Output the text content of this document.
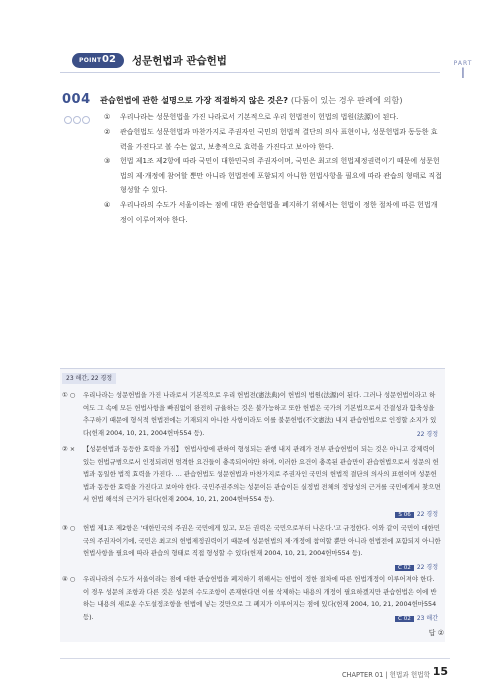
POINT 02 성문헌법과 관습헌법	PART
I
004 관습헌법에 관한 설명으로 가장 적절하지 않은 것은? (다툼이 있는 경우 판례에 의함)
① 우리나라는 성문헌법을 가진 나라로서 기본적으로 우리 헌법전이 헌법의 법원(法源)이 된다.
② 관습헌법도 성문헌법과 마찬가지로 주권자인 국민의 헌법적 결단의 의사 표현이나, 성문헌법과 동등한 효력을 가진다고 볼 수는 없고, 보충적으로 효력을 가진다고 보아야 한다.
③ 헌법 제1조 제2항에 따라 국민이 대한민국의 주권자이며, 국민은 최고의 헌법제정권력이기 때문에 성문헌법의 제·개정에 참여할 뿐만 아니라 헌법전에 포함되지 아니한 헌법사항을 필요에 따라 관습의 형태로 직접 형성할 수 있다.
④ 우리나라의 수도가 서울이라는 점에 대한 관습헌법을 폐지하기 위해서는 헌법이 정한 절차에 따른 헌법개정이 이루어져야 한다.
23 해간, 22 경정
① ○ 우리나라는 성문헌법을 가진 나라로서 기본적으로 우리 헌법전(憲法典)이 헌법의 법원(法源)이 된다. 그러나 성문헌법이라고 하여도 그 속에 모든 헌법사항을 빠짐없이 완전히 규율하는 것은 불가능하고 또한 헌법은 국가의 기본법으로서 간결성과 함축성을 추구하기 때문에 형식적 헌법전에는 기재되지 아니한 사항이라도 이를 불문헌법(不文憲法) 내지 관습헌법으로 인정할 소지가 있다(헌재 2004, 10, 21, 2004헌마554 등).	22 경정
② × 【성문헌법과 동등한 효력을 가짐】 헌법사항에 관하여 형성되는 관행 내지 관례가 전부 관습헌법이 되는 것은 아니고 강제력이 있는 헌법규범으로서 인정되려면 엄격한 요건들이 충족되어야만 하며, 이러한 요건이 충족된 관습만이 관습헌법으로서 성문의 헌법과 동일한 법적 효력을 가진다. … 관습헌법도 성문헌법과 마찬가지로 주권자인 국민의 헌법적 결단의 의사의 표현이며 성문헌법과 동등한 효력을 가진다고 보아야 한다. 국민주권주의는 성문이든 관습이든 실정법 전체의 정당성의 근거를 국민에게서 찾으면서 헌법 해석의 근거가 된다(헌재 2004, 10, 21, 2004헌마554 등).
S 06 22 경정
③ ○ 헌법 제1조 제2항은 '대한민국의 주권은 국민에게 있고, 모든 권력은 국민으로부터 나온다.'고 규정한다. 이와 같이 국민이 대한민국의 주권자이기에, 국민은 최고의 헌법제정권력이기 때문에 성문헌법의 제·개정에 참여할 뿐만 아니라 헌법전에 포함되지 아니한 헌법사항을 필요에 따라 관습의 형태로 직접 형성할 수 있다(헌재 2004, 10, 21, 2004헌마554 등).
C 02 22 경정
④ ○ 우리나라의 수도가 서울이라는 점에 대한 관습헌법을 폐지하기 위해서는 헌법이 정한 절차에 따른 헌법개정이 이루어져야 한다. 이 경우 성문의 조항과 다른 것은 성문의 수도조항이 존재한다면 이를 삭제하는 내용의 개정이 필요하겠지만 관습헌법은 이에 반하는 내용의 새로운 수도설정조항을 헌법에 넣는 것만으로 그 폐지가 이루어지는 점에 있다(헌재 2004, 10, 21, 2004헌마554 등).	C 02 23 해간
답 ②
CHAPTER 01 | 헌법과 헌법학 15
